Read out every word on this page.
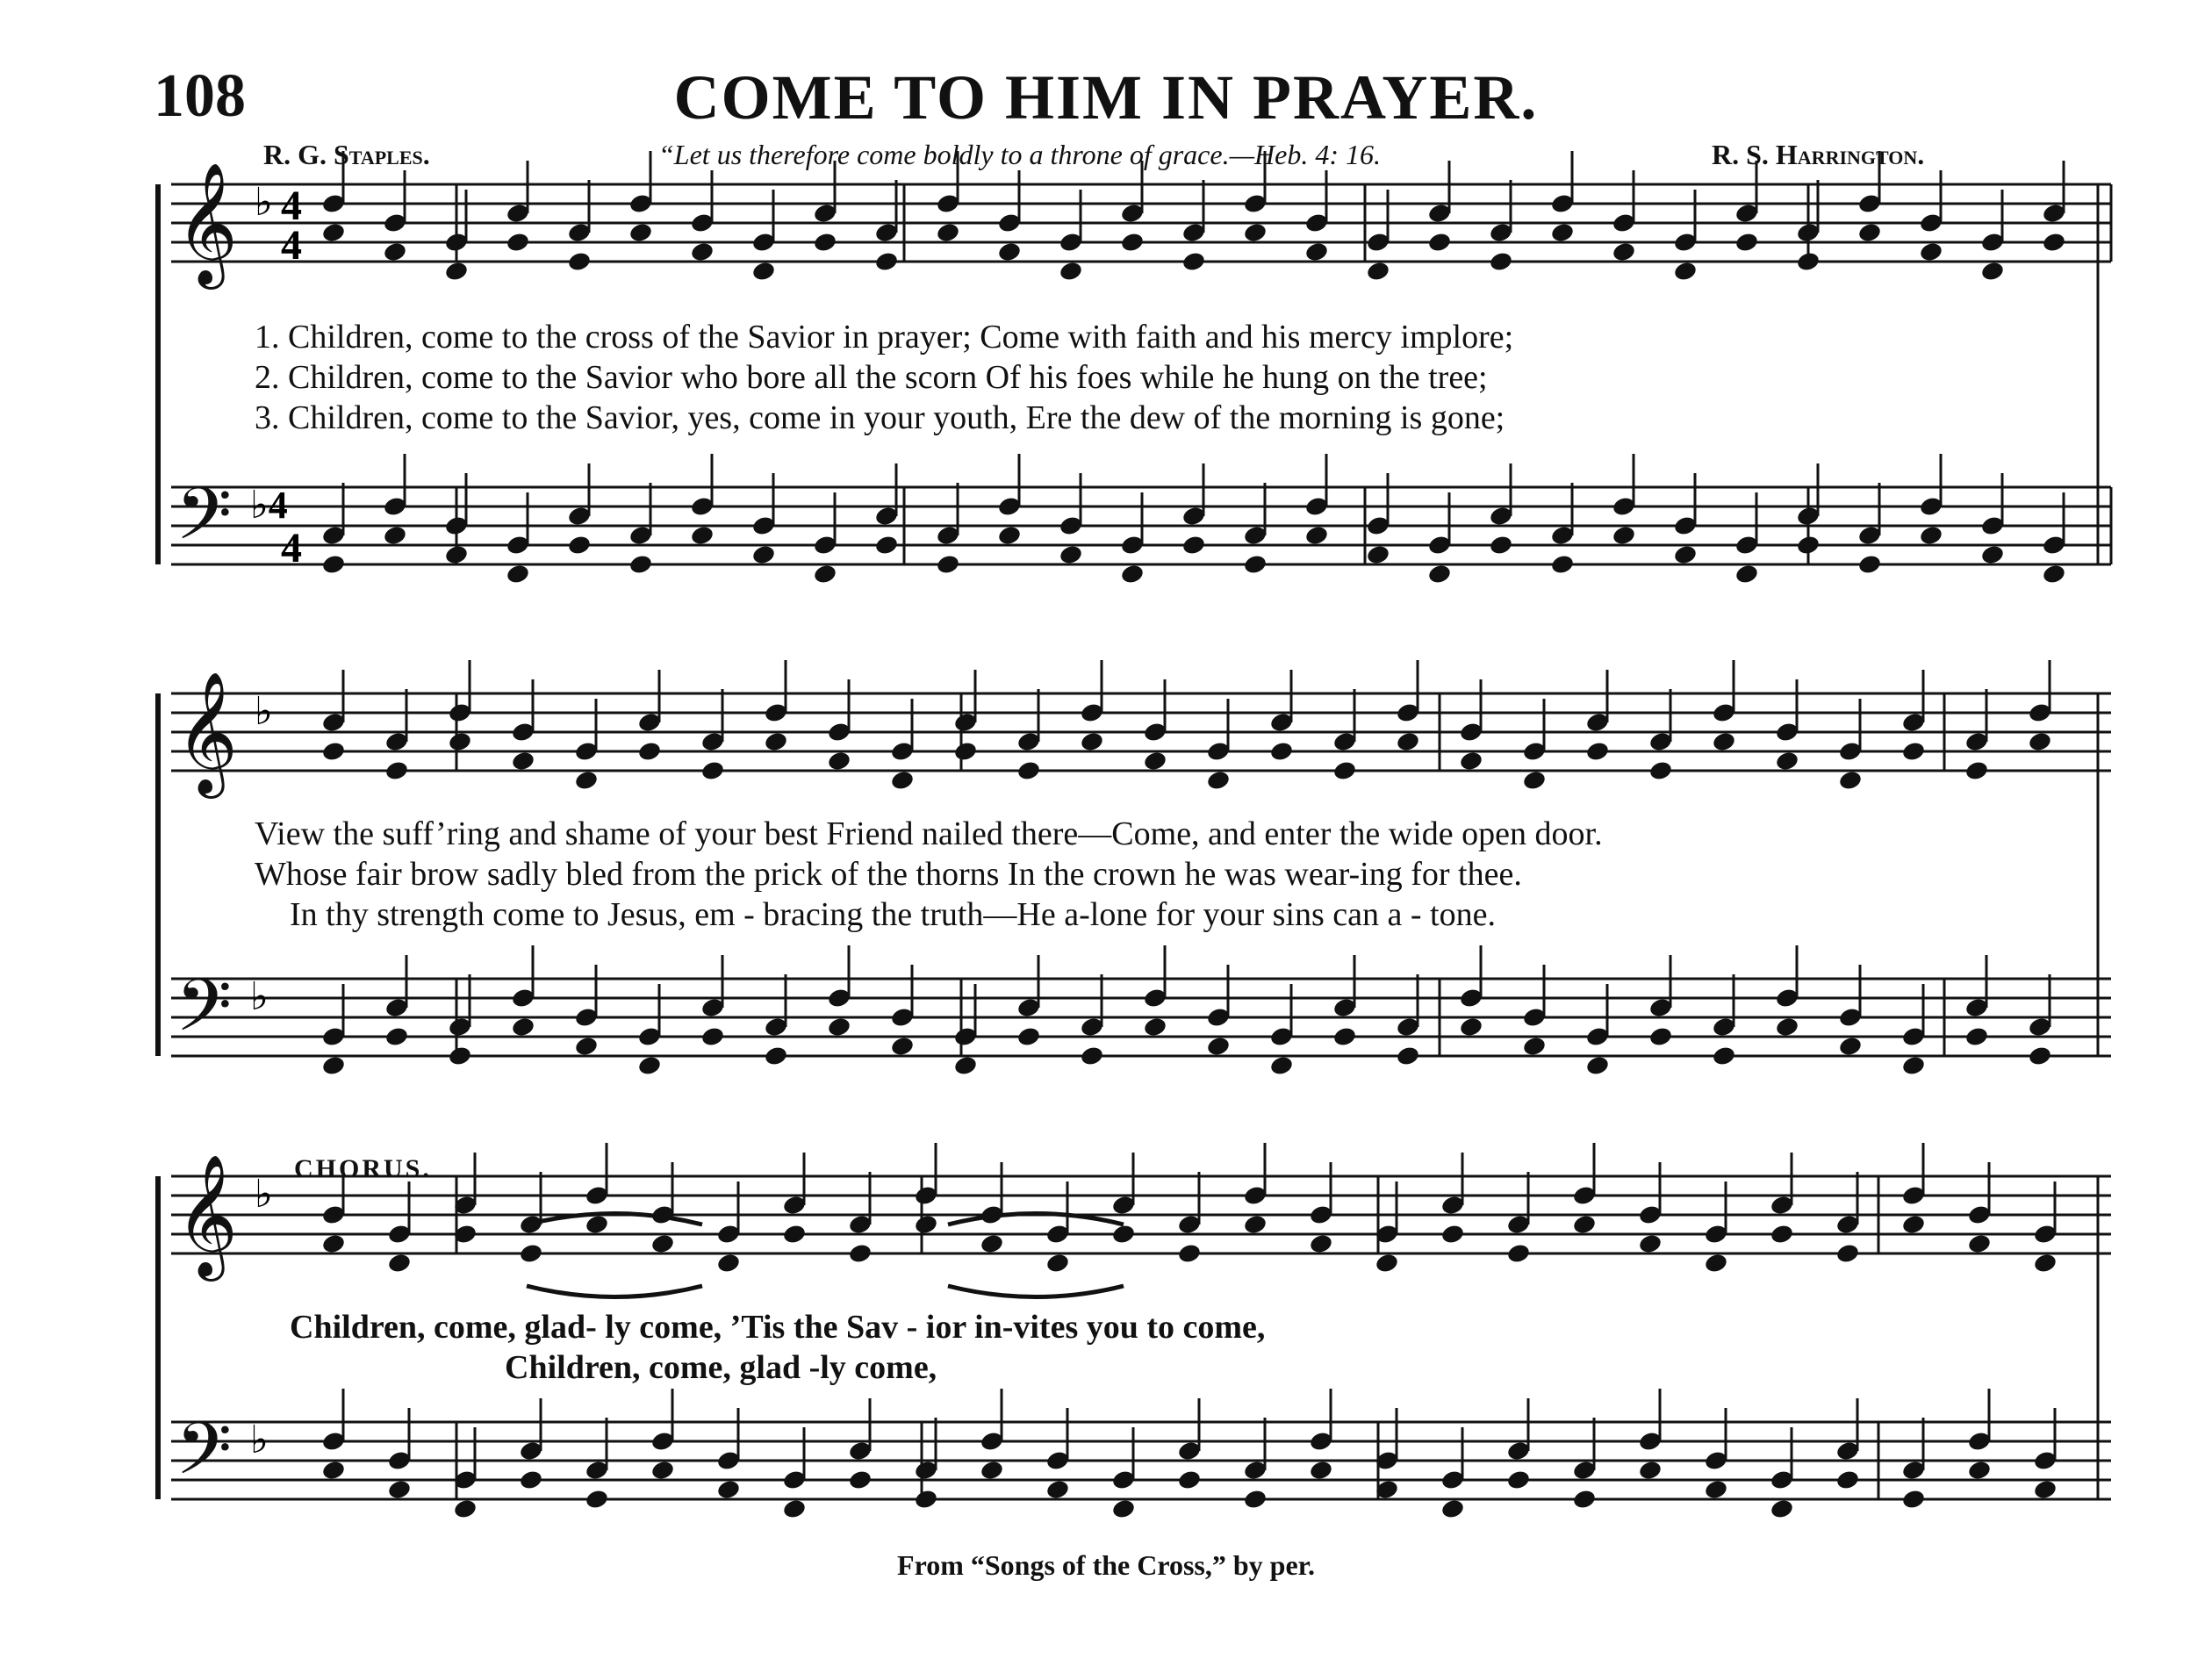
108	COME TO HIM IN PRAYER.
R. G. Staples.	“Let us therefore come boldly to a throne of grace.—Heb. 4: 16.	R. S. Harrington.
𝄞
𝄢
♭ 4
4
♭4
4
𝄞
𝄢
♭
♭
𝄞
𝄢
♭
♭
1. Children, come to the cross of the Savior in prayer; Come with faith and his mercy implore;
2. Children, come to the Savior who bore all the scorn Of his foes while he hung on the tree;
3. Children, come to the Savior, yes, come in your youth, Ere the dew of the morning is gone;
View the suff’ring and shame of your best Friend nailed there—Come, and enter the wide open door.
Whose fair brow sadly bled from the prick of the thorns In the crown he was wear-ing for thee.
In thy strength come to Jesus, em - bracing the truth—He a-lone for your sins can a - tone.
CHORUS.
Children, come, glad- ly come, ’Tis the Sav - ior in-vites you to come,
Children, come, glad -ly come,
From “Songs of the Cross,” by per.
